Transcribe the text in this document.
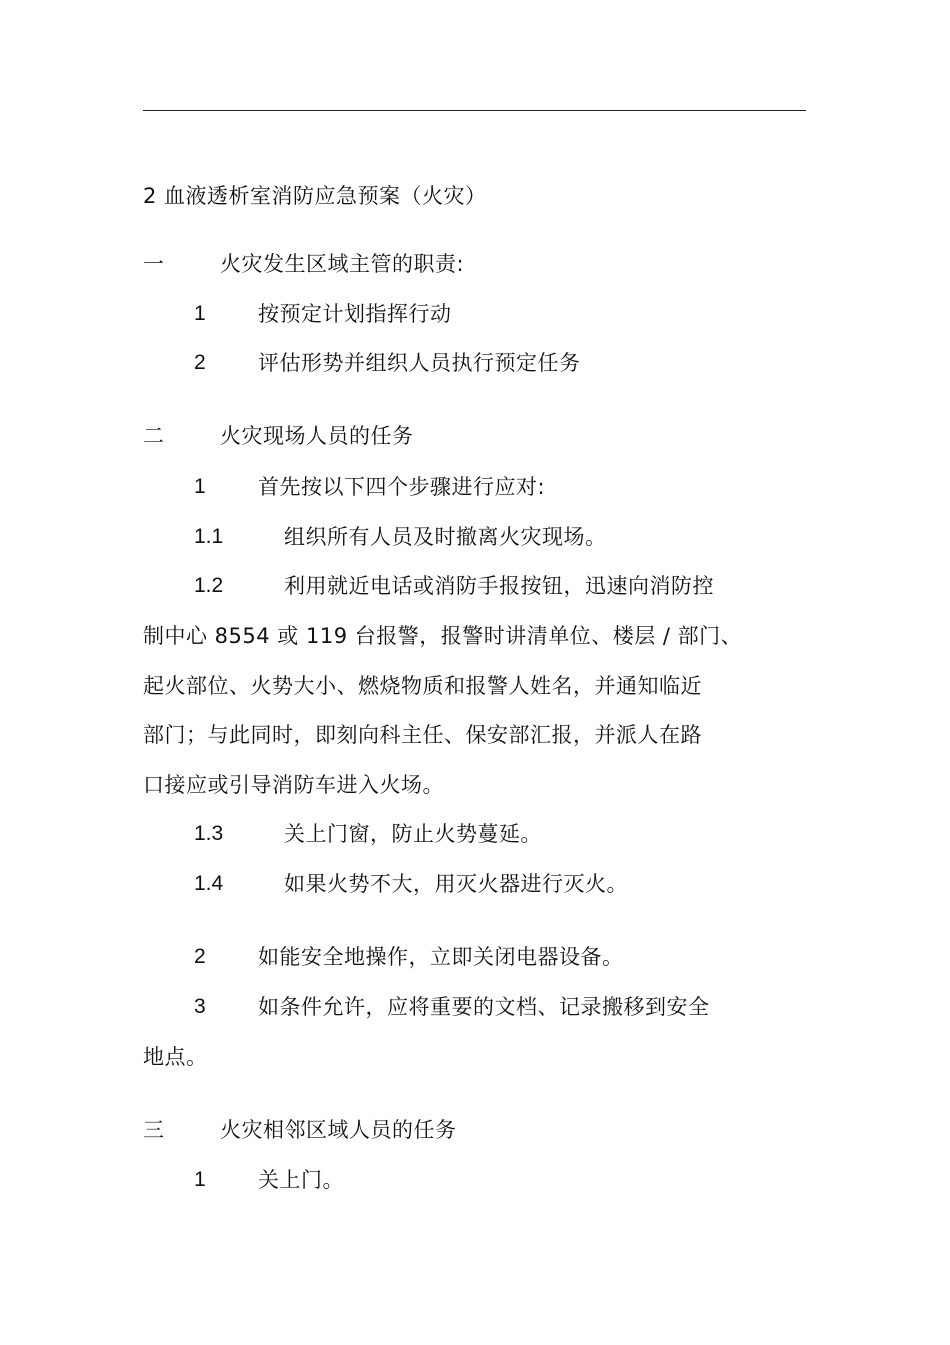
2 血液透析室消防应急预案（火灾）
一	火灾发生区域主管的职责:
1 按预定计划指挥行动
2 评估形势并组织人员执行预定任务
二	火灾现场人员的任务
1 首先按以下四个步骤进行应对:
1.1	组织所有人员及时撤离火灾现场。
1.2	利用就近电话或消防手报按钮，迅速向消防控
制中心 8554 或 119 台报警，报警时讲清单位、楼层 / 部门、
起火部位、火势大小、燃烧物质和报警人姓名，并通知临近
部门；与此同时，即刻向科主任、保安部汇报，并派人在路
口接应或引导消防车进入火场。
1.3	关上门窗，防止火势蔓延。
1.4	如果火势不大，用灭火器进行灭火。
2 如能安全地操作，立即关闭电器设备。
3 如条件允许，应将重要的文档、记录搬移到安全
地点。
三	火灾相邻区域人员的任务
1 关上门。
